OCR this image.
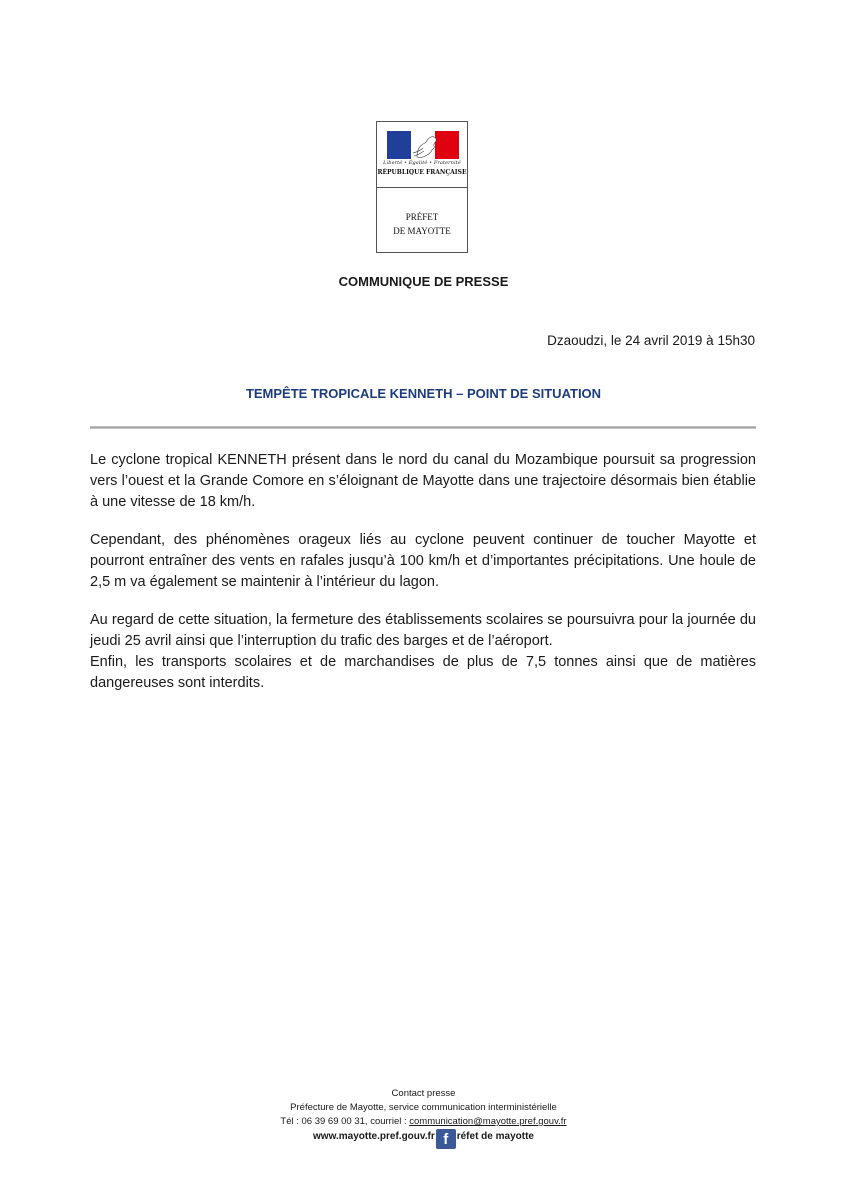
Liberté • Égalité • Fraternité
RÉPUBLIQUE FRANÇAISE
PRÉFET
DE MAYOTTE
COMMUNIQUE DE PRESSE
Dzaoudzi, le 24 avril 2019 à 15h30
TEMPÊTE TROPICALE KENNETH – POINT DE SITUATION

Le cyclone tropical KENNETH présent dans le nord du canal du Mozambique poursuit sa progression vers l’ouest et la Grande Comore en s’éloignant de Mayotte dans une trajectoire désormais bien établie à une vitesse de 18 km/h.

Cependant, des phénomènes orageux liés au cyclone peuvent continuer de toucher Mayotte et pourront entraîner des vents en rafales jusqu’à 100 km/h et d’importantes précipitations. Une houle de 2,5 m va également se maintenir à l’intérieur du lagon.

Au regard de cette situation, la fermeture des établissements scolaires se poursuivra pour la journée du jeudi 25 avril ainsi que l’interruption du trafic des barges et de l’aéroport.

Enfin, les transports scolaires et de marchandises de plus de 7,5 tonnes ainsi que de matières dangereuses sont interdits.

Contact presse
Préfecture de Mayotte, service communication interministérielle
Tél : 06 39 69 00 31, courriel : communication@mayotte.pref.gouv.fr
www.mayotte.pref.gouv.fr f réfet de mayotte
